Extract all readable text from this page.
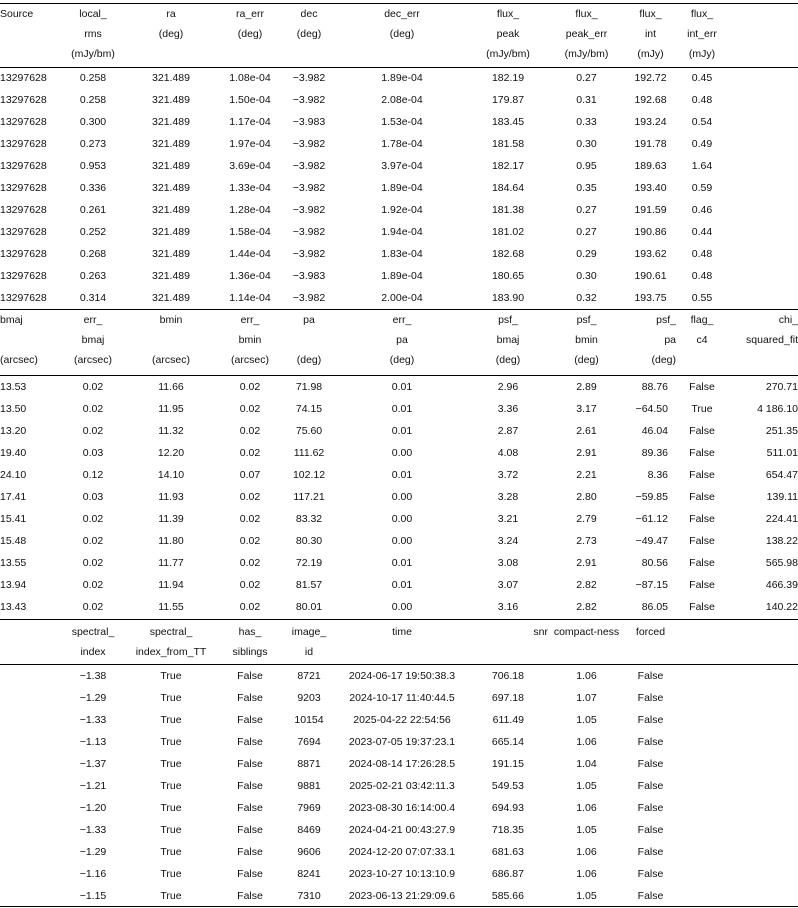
Source	local_	ra	ra_err	dec	dec_err	flux_	flux_	flux_	flux_	
	rms	(deg)	(deg)	(deg)	(deg)	peak	peak_err	int	int_err	
	(mJy/bm)					(mJy/bm)	(mJy/bm)	(mJy)	(mJy)	
13297628	0.258	321.489	1.08e-04	−3.982	1.89e-04	182.19	0.27	192.72	0.45	
13297628	0.258	321.489	1.50e-04	−3.982	2.08e-04	179.87	0.31	192.68	0.48	
13297628	0.300	321.489	1.17e-04	−3.983	1.53e-04	183.45	0.33	193.24	0.54	
13297628	0.273	321.489	1.97e-04	−3.982	1.78e-04	181.58	0.30	191.78	0.49	
13297628	0.953	321.489	3.69e-04	−3.982	3.97e-04	182.17	0.95	189.63	1.64	
13297628	0.336	321.489	1.33e-04	−3.982	1.89e-04	184.64	0.35	193.40	0.59	
13297628	0.261	321.489	1.28e-04	−3.982	1.92e-04	181.38	0.27	191.59	0.46	
13297628	0.252	321.489	1.58e-04	−3.982	1.94e-04	181.02	0.27	190.86	0.44	
13297628	0.268	321.489	1.44e-04	−3.982	1.83e-04	182.68	0.29	193.62	0.48	
13297628	0.263	321.489	1.36e-04	−3.983	1.89e-04	180.65	0.30	190.61	0.48	
13297628	0.314	321.489	1.14e-04	−3.982	2.00e-04	183.90	0.32	193.75	0.55	
bmaj	err_	bmin	err_	pa	err_	psf_	psf_	psf_	flag_	chi_
	bmaj		bmin		pa	bmaj	bmin	pa	c4	squared_fit
(arcsec)	(arcsec)	(arcsec)	(arcsec)	(deg)	(deg)	(deg)	(deg)	(deg)		
13.53	0.02	11.66	0.02	71.98	0.01	2.96	2.89	88.76	False	270.71
13.50	0.02	11.95	0.02	74.15	0.01	3.36	3.17	−64.50	True	4 186.10
13.20	0.02	11.32	0.02	75.60	0.01	2.87	2.61	46.04	False	251.35
19.40	0.03	12.20	0.02	111.62	0.00	4.08	2.91	89.36	False	511.01
24.10	0.12	14.10	0.07	102.12	0.01	3.72	2.21	8.36	False	654.47
17.41	0.03	11.93	0.02	117.21	0.00	3.28	2.80	−59.85	False	139.11
15.41	0.02	11.39	0.02	83.32	0.00	3.21	2.79	−61.12	False	224.41
15.48	0.02	11.80	0.02	80.30	0.00	3.24	2.73	−49.47	False	138.22
13.55	0.02	11.77	0.02	72.19	0.01	3.08	2.91	80.56	False	565.98
13.94	0.02	11.94	0.02	81.57	0.01	3.07	2.82	−87.15	False	466.39
13.43	0.02	11.55	0.02	80.01	0.00	3.16	2.82	86.05	False	140.22
	spectral_	spectral_	has_	image_	time	snr	compact-ness	forced		
	index	index_from_TT	siblings	id						
	−1.38	True	False	8721	2024-06-17 19:50:38.3	706.18	1.06	False		
	−1.29	True	False	9203	2024-10-17 11:40:44.5	697.18	1.07	False		
	−1.33	True	False	10154	2025-04-22 22:54:56	611.49	1.05	False		
	−1.13	True	False	7694	2023-07-05 19:37:23.1	665.14	1.06	False		
	−1.37	True	False	8871	2024-08-14 17:26:28.5	191.15	1.04	False		
	−1.21	True	False	9881	2025-02-21 03:42:11.3	549.53	1.05	False		
	−1.20	True	False	7969	2023-08-30 16:14:00.4	694.93	1.06	False		
	−1.33	True	False	8469	2024-04-21 00:43:27.9	718.35	1.05	False		
	−1.29	True	False	9606	2024-12-20 07:07:33.1	681.63	1.06	False		
	−1.16	True	False	8241	2023-10-27 10:13:10.9	686.87	1.06	False		
	−1.15	True	False	7310	2023-06-13 21:29:09.6	585.66	1.05	False		
